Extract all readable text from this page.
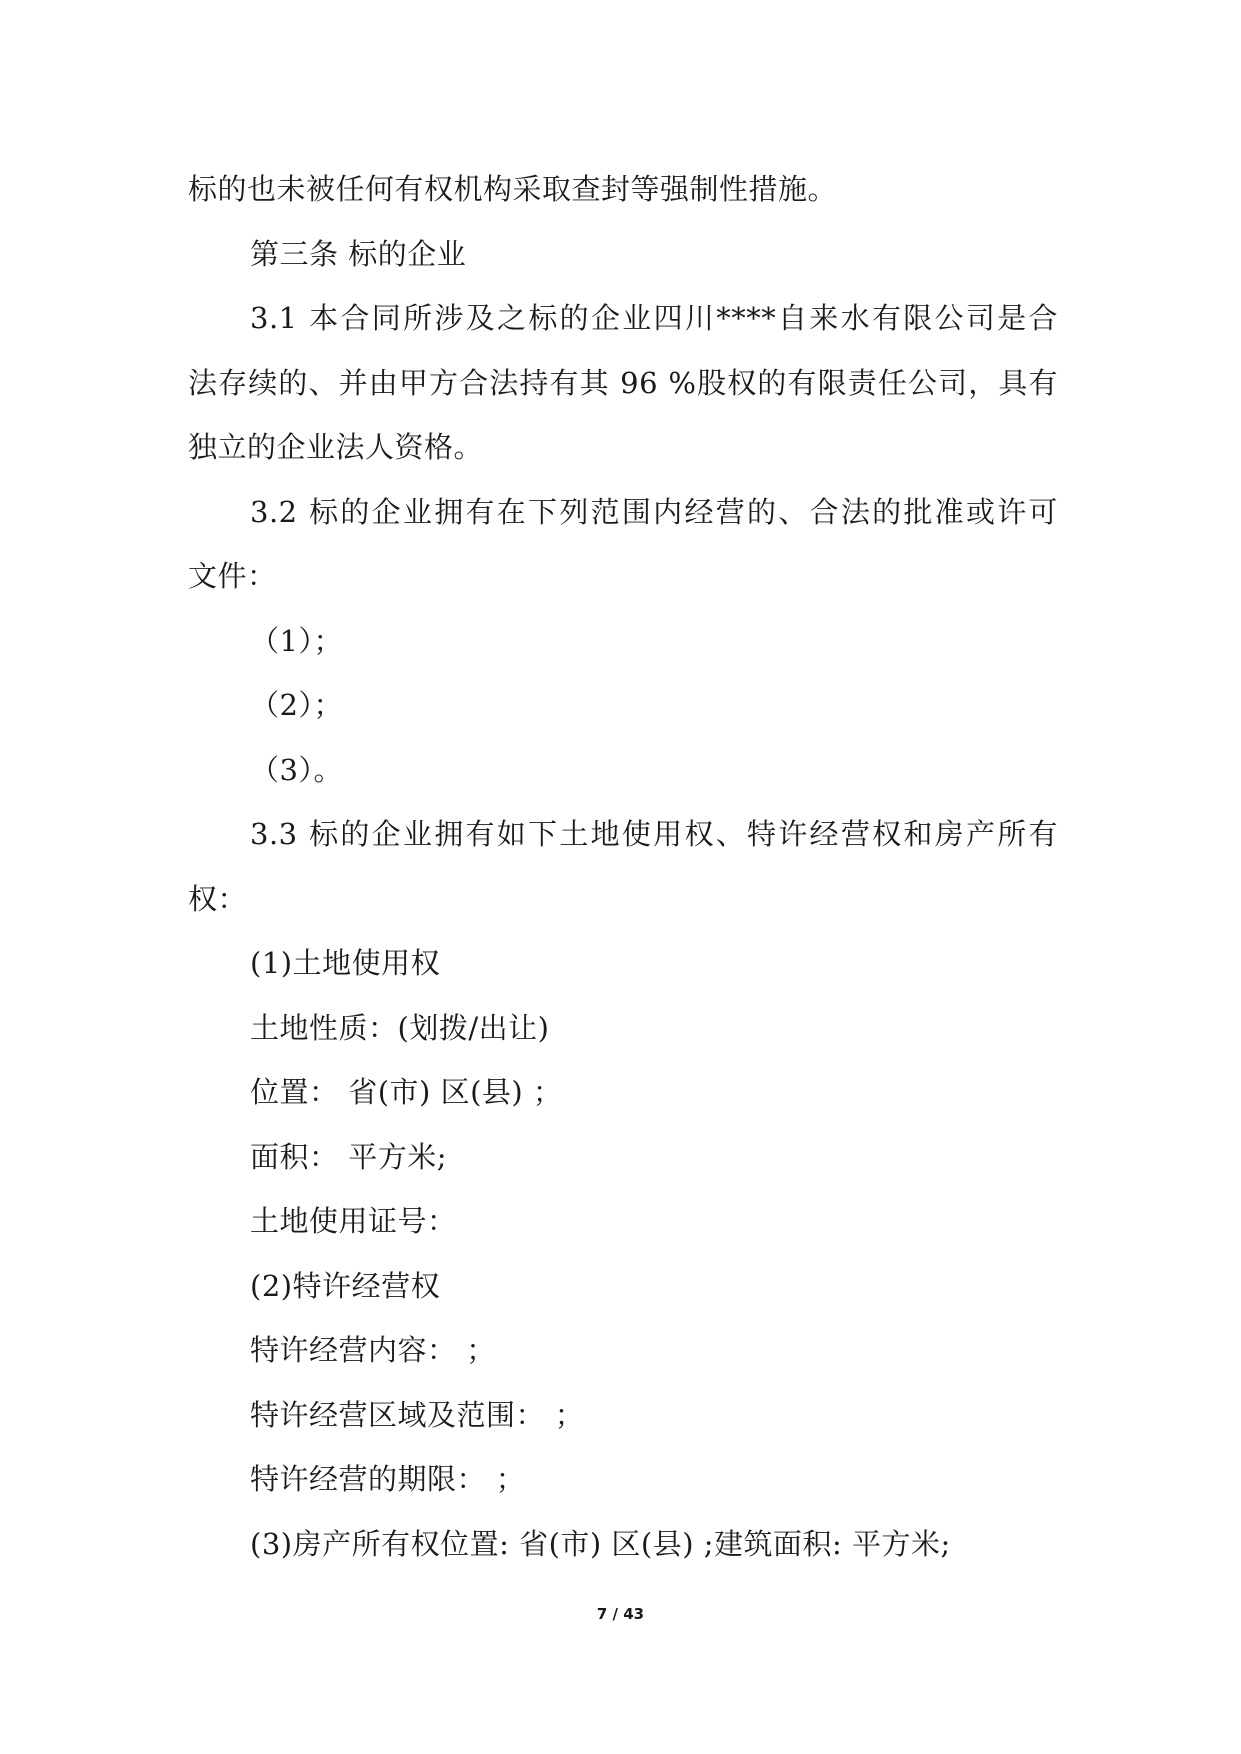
标的也未被任何有权机构采取查封等强制性措施。
第三条 标的企业
3.1 本合同所涉及之标的企业四川****自来水有限公司是合
法存续的、并由甲方合法持有其 96 %股权的有限责任公司，具有
独立的企业法人资格。
3.2 标的企业拥有在下列范围内经营的、合法的批准或许可
文件：
（1）；
（2）；
（3）。
3.3 标的企业拥有如下土地使用权、特许经营权和房产所有
权：
(1)土地使用权
土地性质：(划拨/出让)
位置： 省(市) 区(县) ；
面积： 平方米;
土地使用证号：
(2)特许经营权
特许经营内容： ；
特许经营区域及范围： ；
特许经营的期限： ；
(3)房产所有权位置: 省(市) 区(县) ;建筑面积: 平方米;
7 / 43
